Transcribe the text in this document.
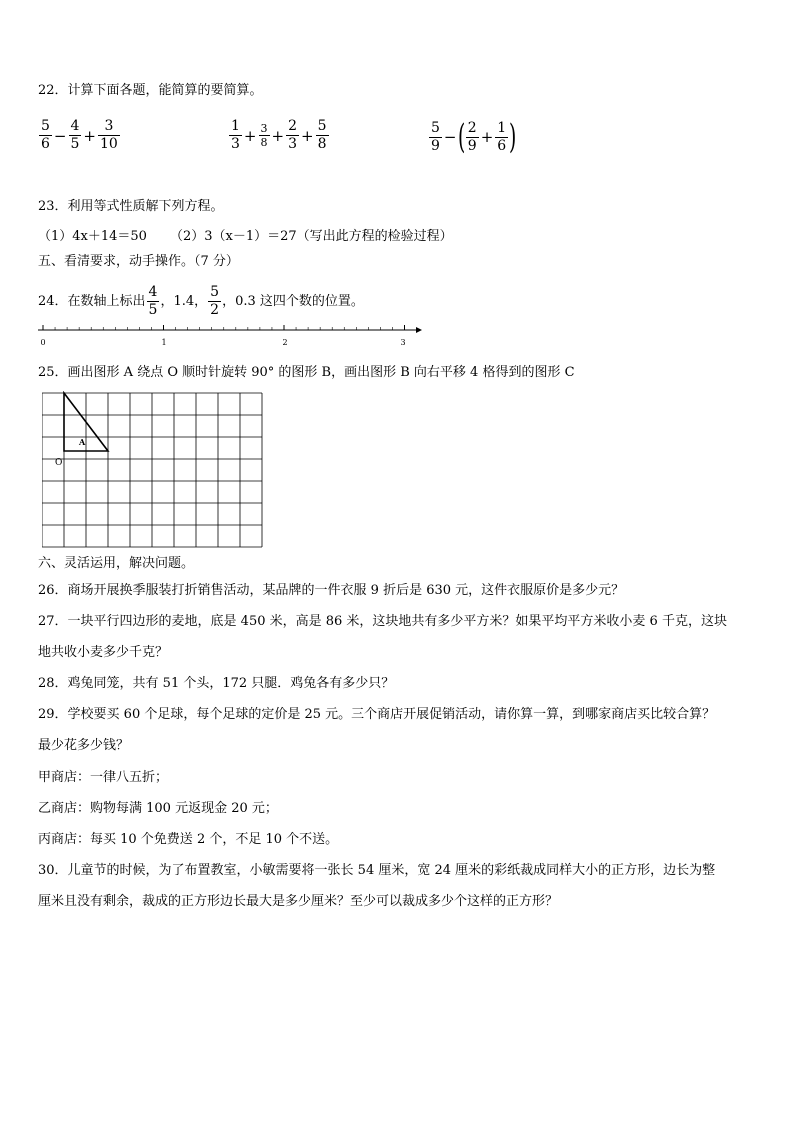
22．计算下面各题，能简算的要简算。
$\frac{5}{6} - \frac{4}{5} + \frac{3}{10}$	$\frac{1}{3} + \frac{3}{8} + \frac{2}{3} + \frac{5}{8}$	$\frac{5}{9}$ − ( $\frac{2}{9} + \frac{1}{6}$ )
23．利用等式性质解下列方程。
（1）4x＋14＝50 （2）3（x－1）＝27（写出此方程的检验过程）
五、看清要求，动手操作。（7 分）
24．在数轴上标出 $\frac{4}{5}$ ，1.4， $\frac{5}{2}$ ，0.3 这四个数的位置。
0	1	2	3
25．画出图形 A 绕点 O 顺时针旋转 90° 的图形 B，画出图形 B 向右平移 4 格得到的图形 C
A
O
六、灵活运用，解决问题。
26．商场开展换季服装打折销售活动，某品牌的一件衣服 9 折后是 630 元，这件衣服原价是多少元？
27．一块平行四边形的麦地，底是 450 米，高是 86 米，这块地共有多少平方米？如果平均平方米收小麦 6 千克，这块
地共收小麦多少千克？
28．鸡兔同笼，共有 51 个头，172 只腿．鸡兔各有多少只？
29．学校要买 60 个足球，每个足球的定价是 25 元。三个商店开展促销活动，请你算一算，到哪家商店买比较合算？
最少花多少钱？
甲商店：一律八五折；
乙商店：购物每满 100 元返现金 20 元；
丙商店：每买 10 个免费送 2 个，不足 10 个不送。
30．儿童节的时候，为了布置教室，小敏需要将一张长 54 厘米，宽 24 厘米的彩纸裁成同样大小的正方形，边长为整
厘米且没有剩余，裁成的正方形边长最大是多少厘米？至少可以裁成多少个这样的正方形？
